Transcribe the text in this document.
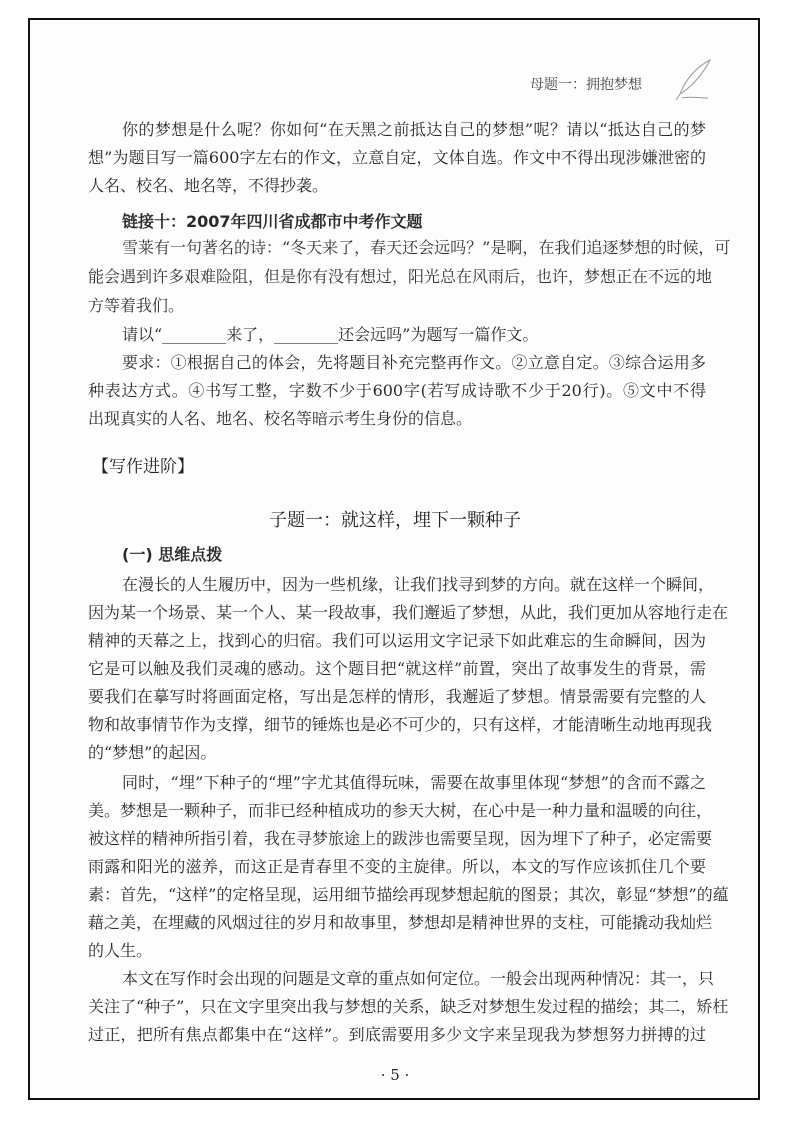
母题一：拥抱梦想
你的梦想是什么呢？你如何“在天黑之前抵达自己的梦想”呢？请以“抵达自己的梦
想”为题目写一篇600字左右的作文，立意自定，文体自选。作文中不得出现涉嫌泄密的
人名、校名、地名等，不得抄袭。
链接十：2007年四川省成都市中考作文题
雪莱有一句著名的诗：“冬天来了，春天还会远吗？”是啊，在我们追逐梦想的时候，可
能会遇到许多艰难险阻，但是你有没有想过，阳光总在风雨后，也许，梦想正在不远的地
方等着我们。
请以“________来了，________还会远吗”为题写一篇作文。
要求：①根据自己的体会，先将题目补充完整再作文。②立意自定。③综合运用多
种表达方式。④书写工整，字数不少于600字(若写成诗歌不少于20行)。⑤文中不得
出现真实的人名、地名、校名等暗示考生身份的信息。
【写作进阶】
子题一：就这样，埋下一颗种子
(一) 思维点拨
在漫长的人生履历中，因为一些机缘，让我们找寻到梦的方向。就在这样一个瞬间，
因为某一个场景、某一个人、某一段故事，我们邂逅了梦想，从此，我们更加从容地行走在
精神的天幕之上，找到心的归宿。我们可以运用文字记录下如此难忘的生命瞬间，因为
它是可以触及我们灵魂的感动。这个题目把“就这样”前置，突出了故事发生的背景，需
要我们在摹写时将画面定格，写出是怎样的情形，我邂逅了梦想。情景需要有完整的人
物和故事情节作为支撑，细节的锤炼也是必不可少的，只有这样，才能清晰生动地再现我
的“梦想”的起因。
同时，“埋”下种子的“埋”字尤其值得玩味，需要在故事里体现“梦想”的含而不露之
美。梦想是一颗种子，而非已经种植成功的参天大树，在心中是一种力量和温暖的向往，
被这样的精神所指引着，我在寻梦旅途上的跋涉也需要呈现，因为埋下了种子，必定需要
雨露和阳光的滋养，而这正是青春里不变的主旋律。所以，本文的写作应该抓住几个要
素：首先，“这样”的定格呈现，运用细节描绘再现梦想起航的图景；其次，彰显“梦想”的蕴
藉之美，在埋藏的风烟过往的岁月和故事里，梦想却是精神世界的支柱，可能撬动我灿烂
的人生。
本文在写作时会出现的问题是文章的重点如何定位。一般会出现两种情况：其一，只
关注了“种子”，只在文字里突出我与梦想的关系，缺乏对梦想生发过程的描绘；其二，矫枉
过正，把所有焦点都集中在“这样”。到底需要用多少文字来呈现我为梦想努力拼搏的过
· 5 ·
